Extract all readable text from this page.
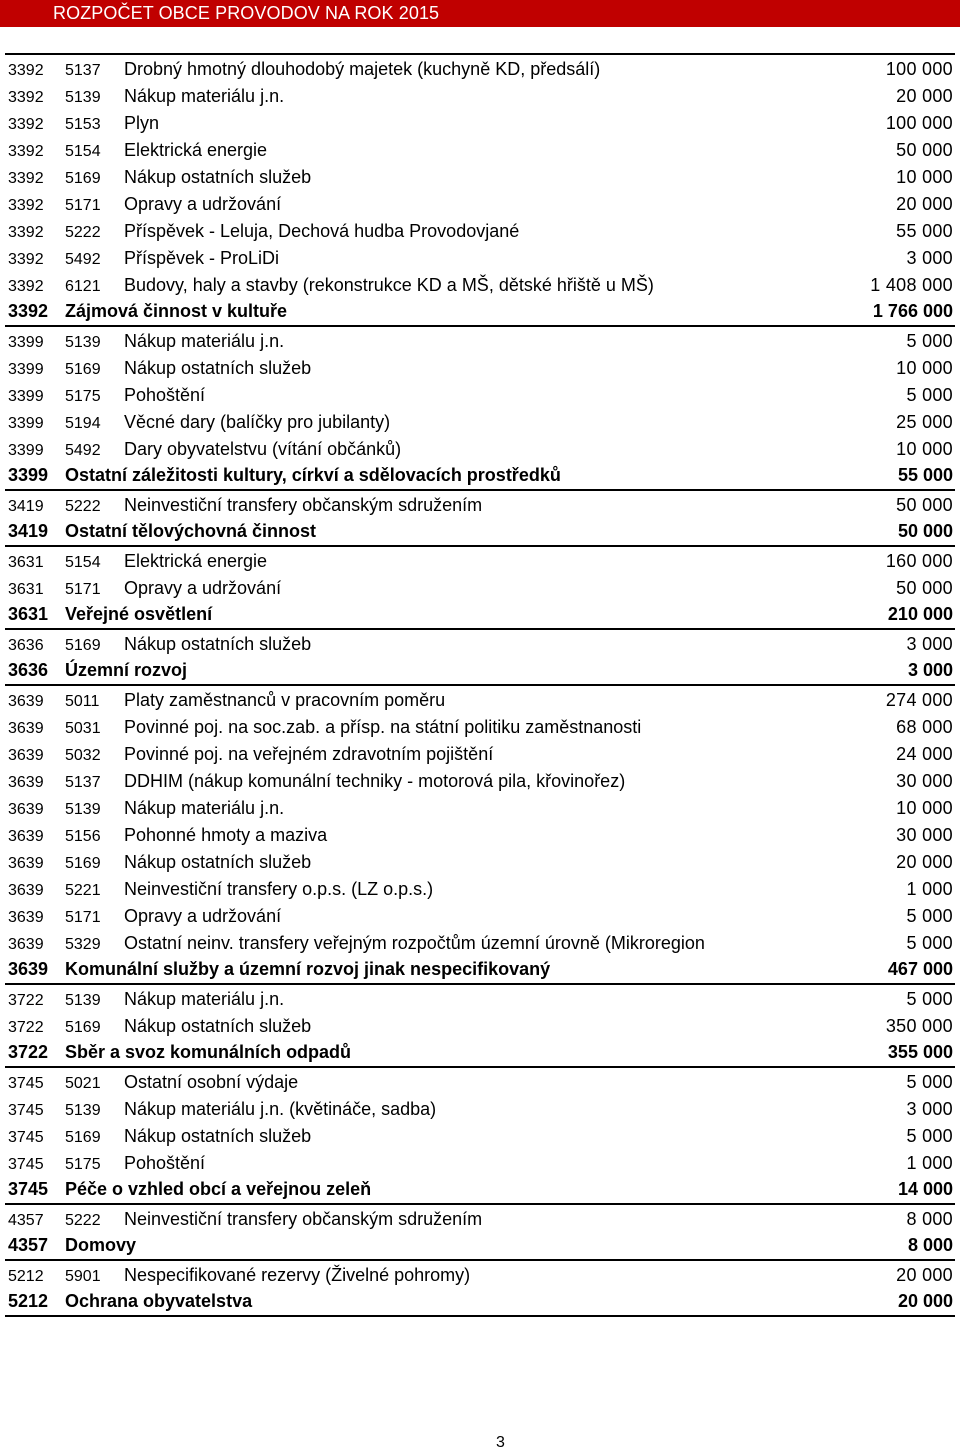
ROZPOČET OBCE PROVODOV NA ROK 2015
3392 5137 Drobný hmotný dlouhodobý majetek (kuchyně KD, předsálí)	100 000
3392 5139 Nákup materiálu j.n.	20 000
3392 5153 Plyn	100 000
3392 5154 Elektrická energie	50 000
3392 5169 Nákup ostatních služeb	10 000
3392 5171 Opravy a udržování	20 000
3392 5222 Příspěvek - Leluja, Dechová hudba Provodovjané	55 000
3392 5492 Příspěvek - ProLiDi	3 000
3392 6121 Budovy, haly a stavby (rekonstrukce KD a MŠ, dětské hřiště u MŠ)	1 408 000
3392 Zájmová činnost v kultuře	1 766 000
3399 5139 Nákup materiálu j.n.	5 000
3399 5169 Nákup ostatních služeb	10 000
3399 5175 Pohoštění	5 000
3399 5194 Věcné dary (balíčky pro jubilanty)	25 000
3399 5492 Dary obyvatelstvu (vítání občánků)	10 000
3399 Ostatní záležitosti kultury, církví a sdělovacích prostředků	55 000
3419 5222 Neinvestiční transfery občanským sdružením	50 000
3419 Ostatní tělovýchovná činnost	50 000
3631 5154 Elektrická energie	160 000
3631 5171 Opravy a udržování	50 000
3631 Veřejné osvětlení	210 000
3636 5169 Nákup ostatních služeb	3 000
3636 Územní rozvoj	3 000
3639 5011 Platy zaměstnanců v pracovním poměru	274 000
3639 5031 Povinné poj. na soc.zab. a přísp. na státní politiku zaměstnanosti	68 000
3639 5032 Povinné poj. na veřejném zdravotním pojištění	24 000
3639 5137 DDHIM (nákup komunální techniky - motorová pila, křovinořez)	30 000
3639 5139 Nákup materiálu j.n.	10 000
3639 5156 Pohonné hmoty a maziva	30 000
3639 5169 Nákup ostatních služeb	20 000
3639 5221 Neinvestiční transfery o.p.s. (LZ o.p.s.)	1 000
3639 5171 Opravy a udržování	5 000
3639 5329 Ostatní neinv. transfery veřejným rozpočtům územní úrovně (Mikroregion	5 000
3639 Komunální služby a územní rozvoj jinak nespecifikovaný	467 000
3722 5139 Nákup materiálu j.n.	5 000
3722 5169 Nákup ostatních služeb	350 000
3722 Sběr a svoz komunálních odpadů	355 000
3745 5021 Ostatní osobní výdaje	5 000
3745 5139 Nákup materiálu j.n. (květináče, sadba)	3 000
3745 5169 Nákup ostatních služeb	5 000
3745 5175 Pohoštění	1 000
3745 Péče o vzhled obcí a veřejnou zeleň	14 000
4357 5222 Neinvestiční transfery občanským sdružením	8 000
4357 Domovy	8 000
5212 5901 Nespecifikované rezervy (Živelné pohromy)	20 000
5212 Ochrana obyvatelstva	20 000
3
